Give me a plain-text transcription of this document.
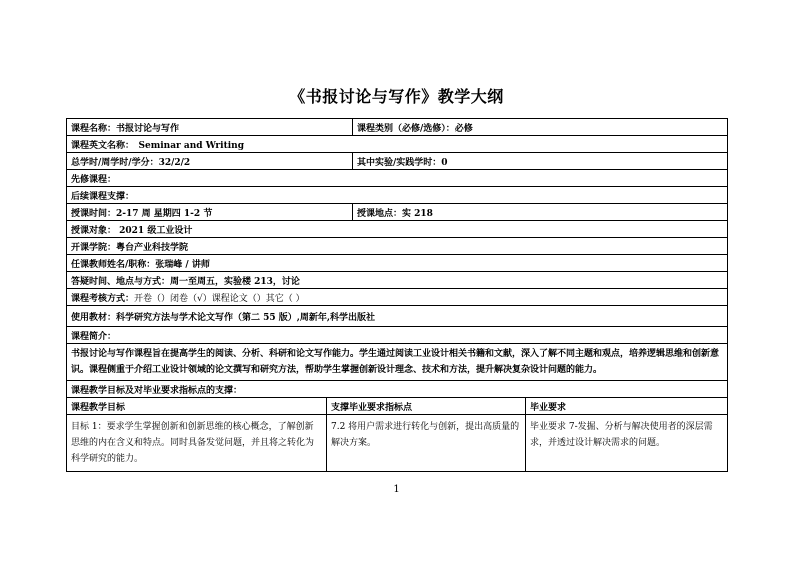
《书报讨论与写作》教学大纲
课程名称：书报讨论与写作		课程类别（必修/选修）：必修	
课程英文名称：　Seminar and Writing			
总学时/周学时/学分：32/2/2		其中实验/实践学时：0	
先修课程：			
后续课程支撑：			
授课时间：2-17 周 星期四 1-2 节		授课地点：实 218	
授课对象： 2021 级工业设计			
开课学院：粤台产业科技学院			
任课教师姓名/职称：张瑞峰 / 讲师			
答疑时间、地点与方式：周一至周五，实验楼 213，讨论			
课程考核方式：开卷（）闭卷（√）课程论文（）其它（ ）			
使用教材：科学研究方法与学术论文写作（第二 55 版）,周新年,科学出版社			
课程简介：			
书报讨论与写作课程旨在提高学生的阅读、分析、科研和论文写作能力。学生通过阅读工业设计相关书籍和文献，深入了解不同主题和观点，培养逻辑思维和创新意识。课程侧重于介绍工业设计领域的论文撰写和研究方法，帮助学生掌握创新设计理念、技术和方法，提升解决复杂设计问题的能力。			
课程教学目标及对毕业要求指标点的支撑：			
课程教学目标	支撑毕业要求指标点		毕业要求
目标 1：要求学生掌握创新和创新思维的核心概念，了解创新思维的内在含义和特点。同时具备发觉问题，并且将之转化为科学研究的能力。	7.2 将用户需求进行转化与创新，提出高质量的解决方案。		毕业要求 7-发掘、分析与解决使用者的深层需求，并透过设计解决需求的问题。
1
